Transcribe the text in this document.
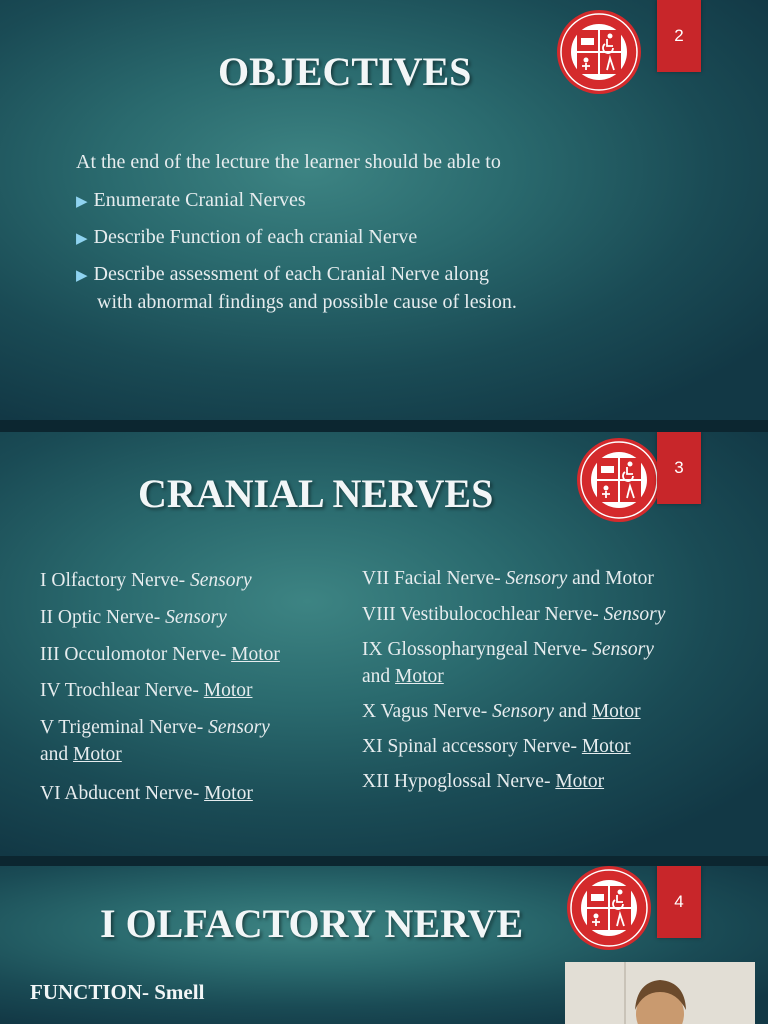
2
OBJECTIVES
At the end of the lecture the learner should be able to
▶ Enumerate Cranial Nerves
▶ Describe Function of each cranial Nerve
▶ Describe assessment of each Cranial Nerve along
with abnormal findings and possible cause of lesion.
3
CRANIAL NERVES
I Olfactory Nerve- Sensory
II Optic Nerve- Sensory
III Occulomotor Nerve- Motor
IV Trochlear Nerve- Motor
V Trigeminal Nerve- Sensory
and Motor
VI Abducent Nerve- Motor
VII Facial Nerve- Sensory and Motor
VIII Vestibulocochlear Nerve- Sensory
IX Glossopharyngeal Nerve- Sensory
and Motor
X Vagus Nerve- Sensory and Motor
XI Spinal accessory Nerve- Motor
XII Hypoglossal Nerve- Motor
4
I OLFACTORY NERVE
FUNCTION- Smell
